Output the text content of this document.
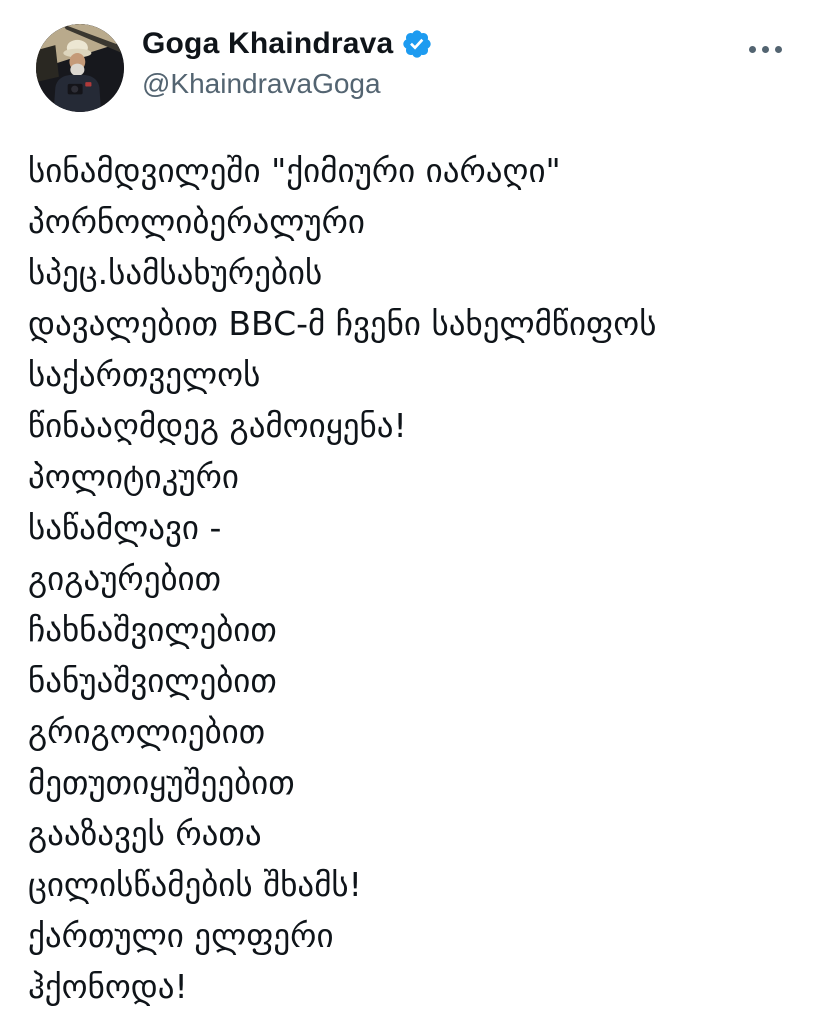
Goga Khaindrava
@KhaindravaGoga
სინამდვილეში "ქიმიური იარაღი"
პორნოლიბერალური
სპეც.სამსახურების
დავალებით BBC-მ ჩვენი სახელმწიფოს
საქართველოს
წინააღმდეგ გამოიყენა!
პოლიტიკური
საწამლავი -
გიგაურებით
ჩახნაშვილებით
ნანუაშვილებით
გრიგოლიებით
მეთუთიყუშეებით
გააზავეს რათა
ცილისწამების შხამს!
ქართული ელფერი
ჰქონოდა!
